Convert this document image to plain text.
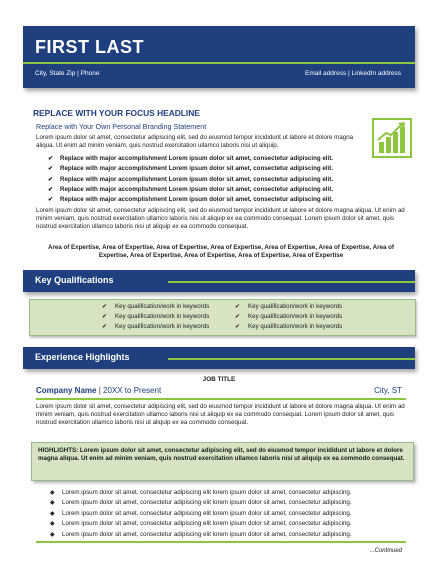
FIRST LAST
City, State Zip | Phone	Email address | LinkedIn address
REPLACE WITH YOUR FOCUS HEADLINE
Replace with Your Own Personal Branding Statement
Lorem ipsum dolor sit amet, consectetur adipiscing elit, sed do eiusmod tempor incididunt ut labore et dolore magna aliqua. Ut enim ad minim veniam, quis nostrud exercitation ullamco laboris nisi ut aliquip.
✔ Replace with major accomplishment Lorem ipsum dolor sit amet, consectetur adipiscing elit.
✔ Replace with major accomplishment Lorem ipsum dolor sit amet, consectetur adipiscing elit.
✔ Replace with major accomplishment Lorem ipsum dolor sit amet, consectetur adipiscing elit.
✔ Replace with major accomplishment Lorem ipsum dolor sit amet, consectetur adipiscing elit.
✔ Replace with major accomplishment Lorem ipsum dolor sit amet, consectetur adipiscing elit.
Lorem ipsum dolor sit amet, consectetur adipiscing elit, sed do eiusmod tempor incididunt ut labore et dolore magna aliqua. Ut enim ad minim veniam, quis nostrud exercitation ullamco laboris nisi ut aliquip ex ea commodo consequat. Lorem ipsum dolor sit amet, quis nostrud exercitation ullamco laboris nisi ut aliquip ex ea commodo consequat.
Area of Expertise, Area of Expertise, Area of Expertise, Area of Expertise, Area of Expertise, Area of Expertise, Area of Expertise, Area of Expertise, Area of Expertise, Area of Expertise, Area of Expertise
Key Qualifications
✔ Key qualification/work in keywords
✔ Key qualification/work in keywords
✔ Key qualification/work in keywords
✔ Key qualification/work in keywords
✔ Key qualification/work in keywords
✔ Key qualification/work in keywords
Experience Highlights
JOB TITLE
Company Name | 20XX to Present	City, ST
Lorem ipsum dolor sit amet, consectetur adipiscing elit, sed do eiusmod tempor incididunt ut labore et dolore magna aliqua. Ut enim ad minim veniam, quis nostrud exercitation ullamco laboris nisi ut aliquip ex ea commodo consequat. Lorem ipsum dolor sit amet, quis nostrud exercitation ullamco laboris nisi ut aliquip ex ea commodo consequat.
HIGHLIGHTS: Lorem ipsum dolor sit amet, consectetur adipiscing elit, sed do eiusmod tempor incididunt ut labore et dolore magna aliqua. Ut enim ad minim veniam, quis nostrud exercitation ullamco laboris nisi ut aliquip ex ea commodo consequat.
◆ Lorem ipsum dolor sit amet, consectetur adipiscing elit lorem ipsum dolor sit amet, consectetur adipiscing.
◆ Lorem ipsum dolor sit amet, consectetur adipiscing elit lorem ipsum dolor sit amet, consectetur adipiscing.
◆ Lorem ipsum dolor sit amet, consectetur adipiscing elit lorem ipsum dolor sit amet, consectetur adipiscing.
◆ Lorem ipsum dolor sit amet, consectetur adipiscing elit lorem ipsum dolor sit amet, consectetur adipiscing.
◆ Lorem ipsum dolor sit amet, consectetur adipiscing elit lorem ipsum dolor sit amet, consectetur adipiscing.
...Continued
